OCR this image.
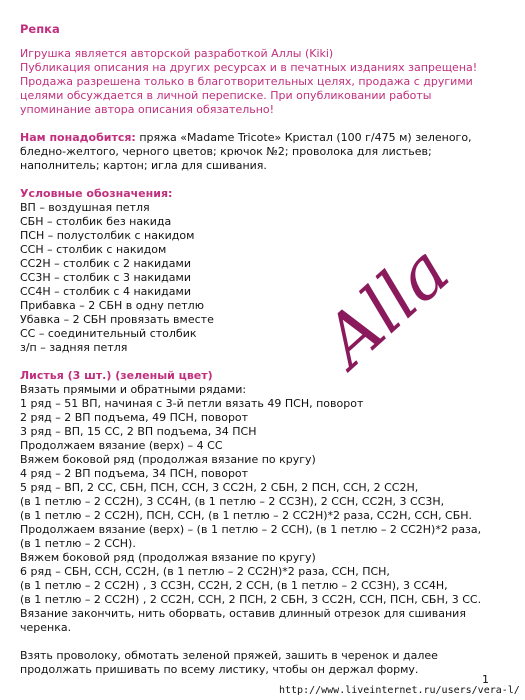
Репка
Игрушка является авторской разработкой Аллы (Kiki)
Публикация описания на других ресурсах и в печатных изданиях запрещена!
Продажа разрешена только в благотворительных целях, продажа с другими
целями обсуждается в личной переписке. При опубликовании работы
упоминание автора описания обязательно!
Нам понадобится: пряжа «Madame Tricote» Кристал (100 г/475 м) зеленого,
бледно-желтого, черного цветов; крючок №2; проволока для листьев;
наполнитель; картон; игла для сшивания.
Условные обозначения:
ВП – воздушная петля
СБН – столбик без накида
ПСН – полустолбик с накидом
ССН – столбик с накидом
СС2Н – столбик с 2 накидами
СС3Н – столбик с 3 накидами
СС4Н – столбик с 4 накидами
Прибавка – 2 СБН в одну петлю
Убавка – 2 СБН провязать вместе
СС – соединительный столбик
з/п – задняя петля
Листья (3 шт.) (зеленый цвет)
Вязать прямыми и обратными рядами:
1 ряд – 51 ВП, начиная с 3-й петли вязать 49 ПСН, поворот
2 ряд – 2 ВП подъема, 49 ПСН, поворот
3 ряд – ВП, 15 СС, 2 ВП подъема, 34 ПСН
Продолжаем вязание (верх) – 4 СС
Вяжем боковой ряд (продолжая вязание по кругу)
4 ряд – 2 ВП подъема, 34 ПСН, поворот
5 ряд – ВП, 2 СС, СБН, ПСН, ССН, 3 СС2Н, 2 СБН, 2 ПСН, ССН, 2 СС2Н,
(в 1 петлю – 2 СС2Н), 3 СС4Н, (в 1 петлю – 2 СС3Н), 2 ССН, СС2Н, 3 СС3Н,
(в 1 петлю – 2 СС2Н), ПСН, ССН, (в 1 петлю – 2 СС2Н)*2 раза, СС2Н, ССН, СБН.
Продолжаем вязание (верх) – (в 1 петлю – 2 ССН), (в 1 петлю – 2 СС2Н)*2 раза,
(в 1 петлю – 2 ССН).
Вяжем боковой ряд (продолжая вязание по кругу)
6 ряд – СБН, ССН, СС2Н, (в 1 петлю – 2 СС2Н)*2 раза, ССН, ПСН,
(в 1 петлю – 2 СС2Н) , 3 СС3Н, СС2Н, 2 ССН, (в 1 петлю – 2 СС3Н), 3 СС4Н,
(в 1 петлю – 2 СС2Н) , 2 СС2Н, ССН, 2 ПСН, 2 СБН, 3 СС2Н, ССН, ПСН, СБН, 3 СС.
Вязание закончить, нить оборвать, оставив длинный отрезок для сшивания
черенка.
Взять проволоку, обмотать зеленой пряжей, зашить в черенок и далее
продолжать пришивать по всему листику, чтобы он держал форму.
Alla
1
http://www.liveinternet.ru/users/vera-l/
